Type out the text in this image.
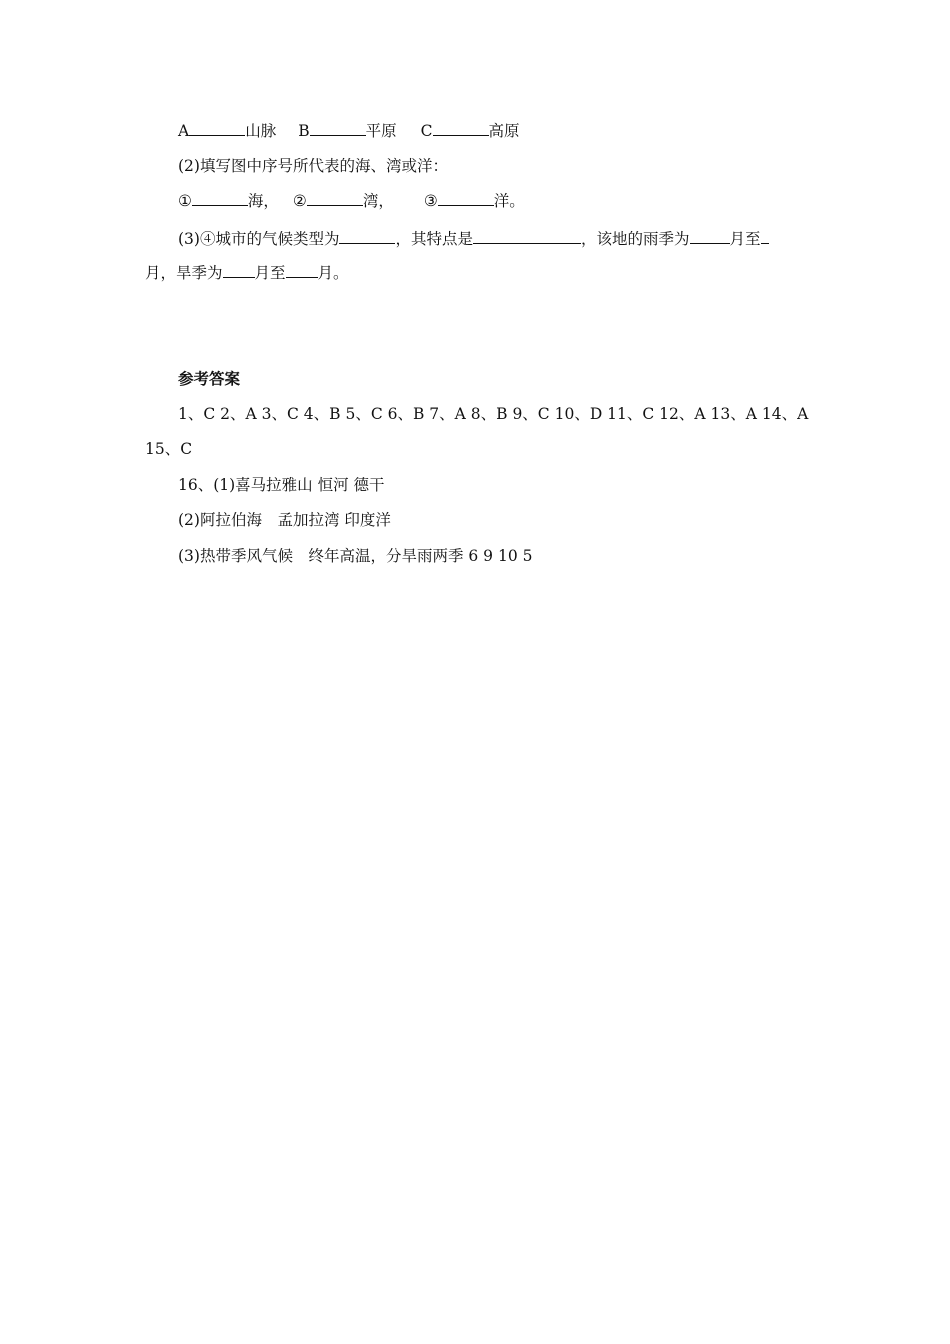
A	山脉 B	平原 C	高原
(2)填写图中序号所代表的海、湾或洋：
①	海， ②	湾， ③	洋。
(3)④城市的气候类型为	，其特点是	，该地的雨季为	月至
月，旱季为 月至 月。
参考答案
1、C 2、A 3、C 4、B 5、C 6、B 7、A 8、B 9、C 10、D 11、C 12、A 13、A 14、A
15、C
16、(1)喜马拉雅山 恒河 德干
(2)阿拉伯海　孟加拉湾 印度洋
(3)热带季风气候　终年高温，分旱雨两季 6 9 10 5
